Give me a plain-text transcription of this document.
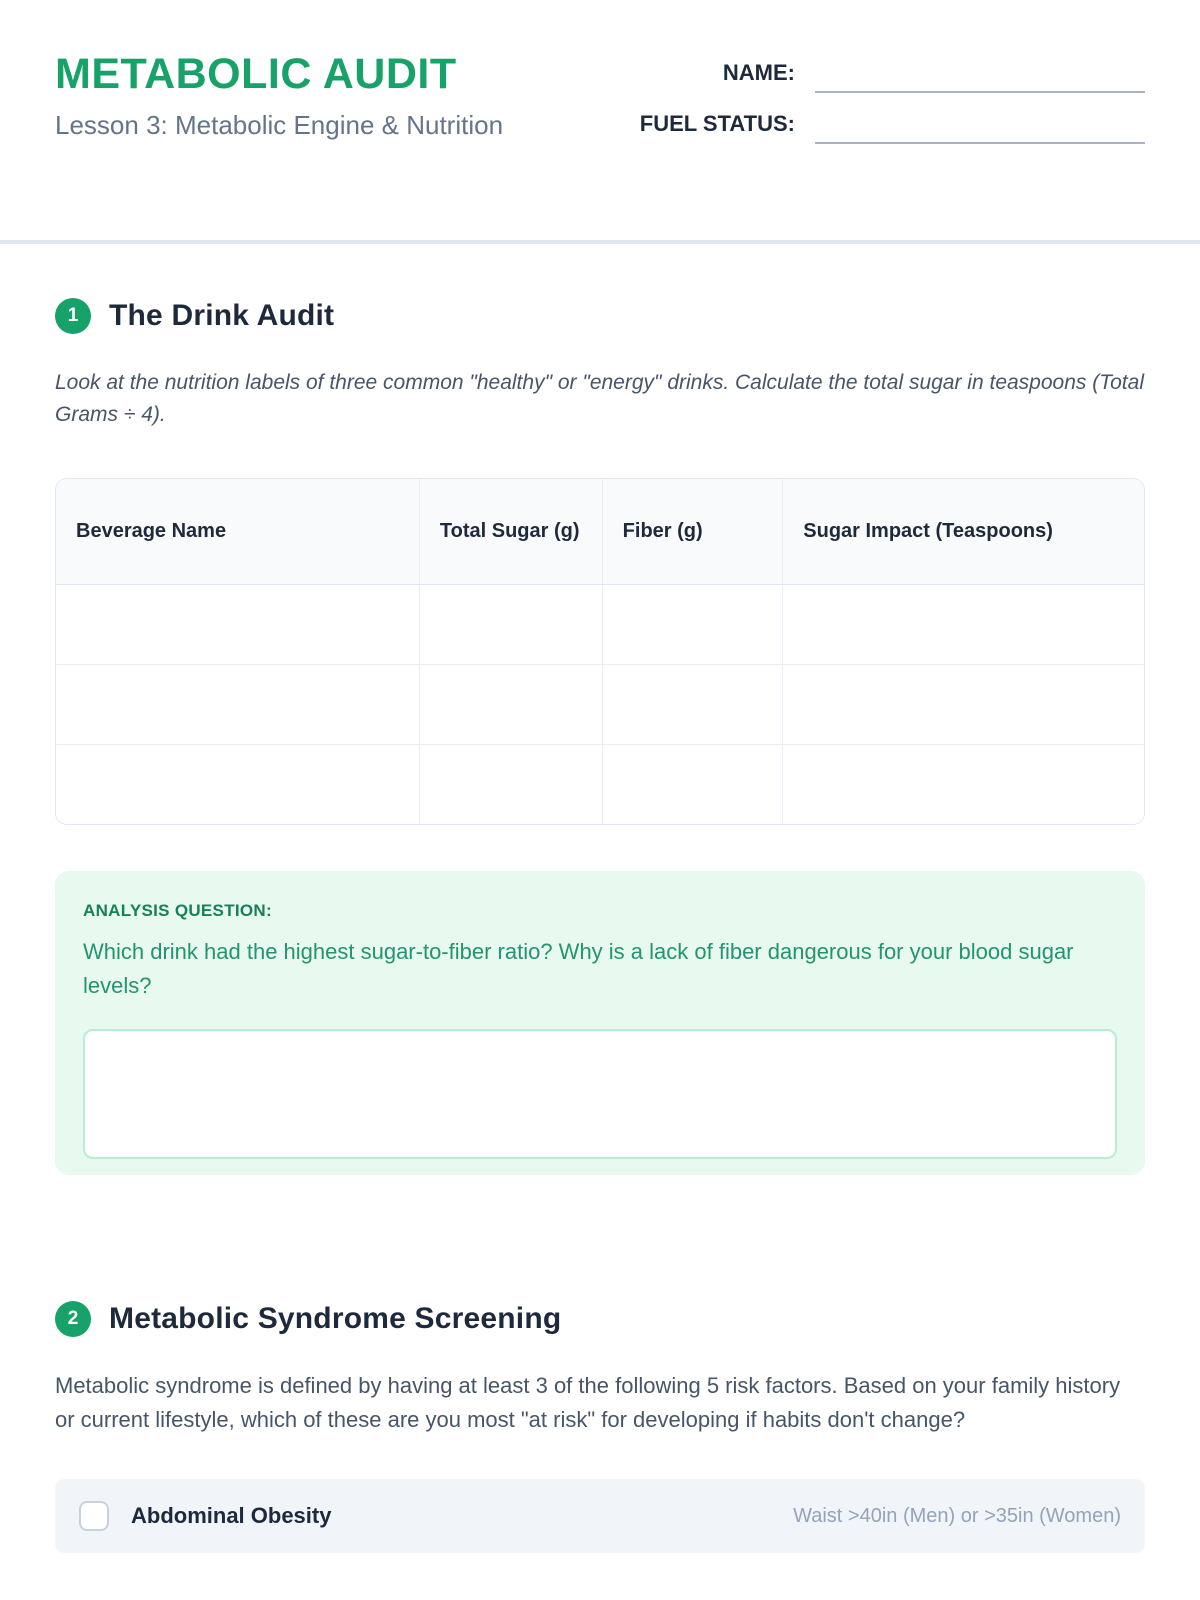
METABOLIC AUDIT
Lesson 3: Metabolic Engine & Nutrition
NAME:
FUEL STATUS:
1	The Drink Audit

Look at the nutrition labels of three common "healthy" or "energy" drinks. Calculate the total sugar in teaspoons (Total Grams ÷ 4).

Beverage Name	Total Sugar (g)	Fiber (g)	Sugar Impact (Teaspoons)

ANALYSIS QUESTION:

Which drink had the highest sugar-to-fiber ratio? Why is a lack of fiber dangerous for your blood sugar levels?

2	Metabolic Syndrome Screening

Metabolic syndrome is defined by having at least 3 of the following 5 risk factors. Based on your family history or current lifestyle, which of these are you most "at risk" for developing if habits don't change?

Abdominal Obesity	Waist >40in (Men) or >35in (Women)
